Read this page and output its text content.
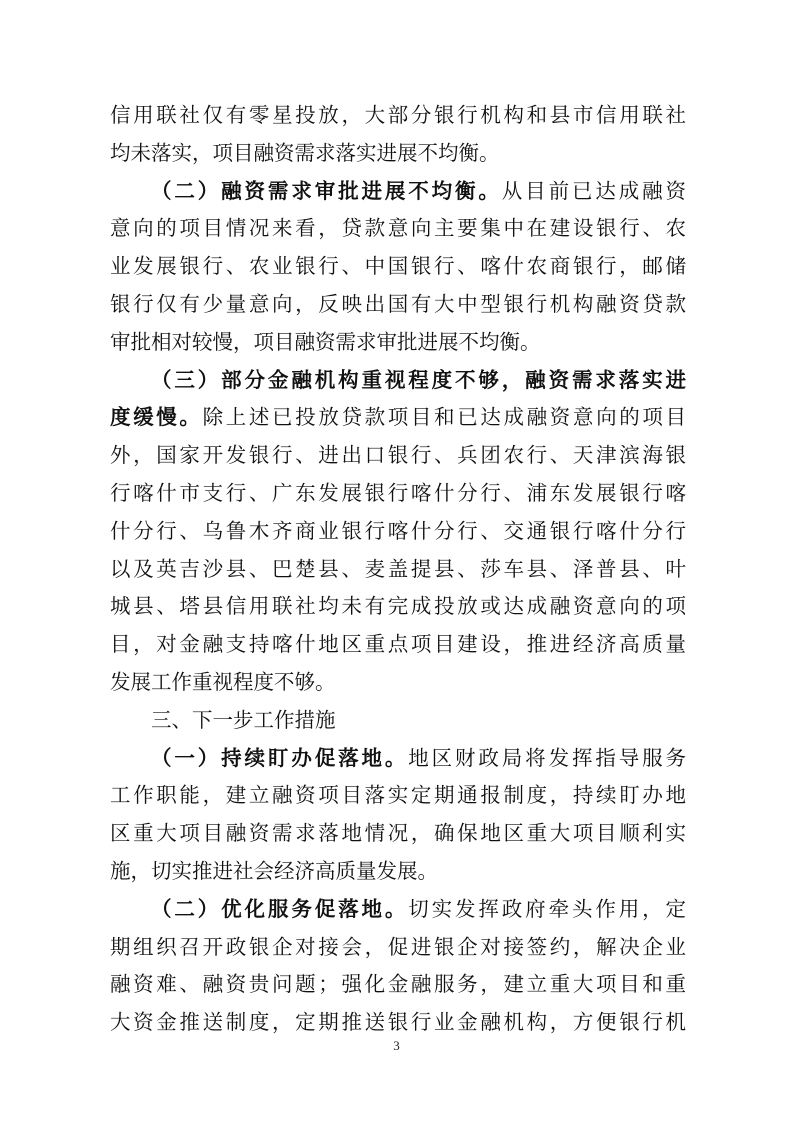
信用联社仅有零星投放，大部分银行机构和县市信用联社
均未落实，项目融资需求落实进展不均衡。
（二）融资需求审批进展不均衡。从目前已达成融资
意向的项目情况来看，贷款意向主要集中在建设银行、农
业发展银行、农业银行、中国银行、喀什农商银行，邮储
银行仅有少量意向，反映出国有大中型银行机构融资贷款
审批相对较慢，项目融资需求审批进展不均衡。
（三）部分金融机构重视程度不够，融资需求落实进
度缓慢。除上述已投放贷款项目和已达成融资意向的项目
外，国家开发银行、进出口银行、兵团农行、天津滨海银
行喀什市支行、广东发展银行喀什分行、浦东发展银行喀
什分行、乌鲁木齐商业银行喀什分行、交通银行喀什分行
以及英吉沙县、巴楚县、麦盖提县、莎车县、泽普县、叶
城县、塔县信用联社均未有完成投放或达成融资意向的项
目，对金融支持喀什地区重点项目建设，推进经济高质量
发展工作重视程度不够。
三、下一步工作措施
（一）持续盯办促落地。地区财政局将发挥指导服务
工作职能，建立融资项目落实定期通报制度，持续盯办地
区重大项目融资需求落地情况，确保地区重大项目顺利实
施，切实推进社会经济高质量发展。
（二）优化服务促落地。切实发挥政府牵头作用，定
期组织召开政银企对接会，促进银企对接签约，解决企业
融资难、融资贵问题；强化金融服务，建立重大项目和重
大资金推送制度，定期推送银行业金融机构，方便银行机
3
